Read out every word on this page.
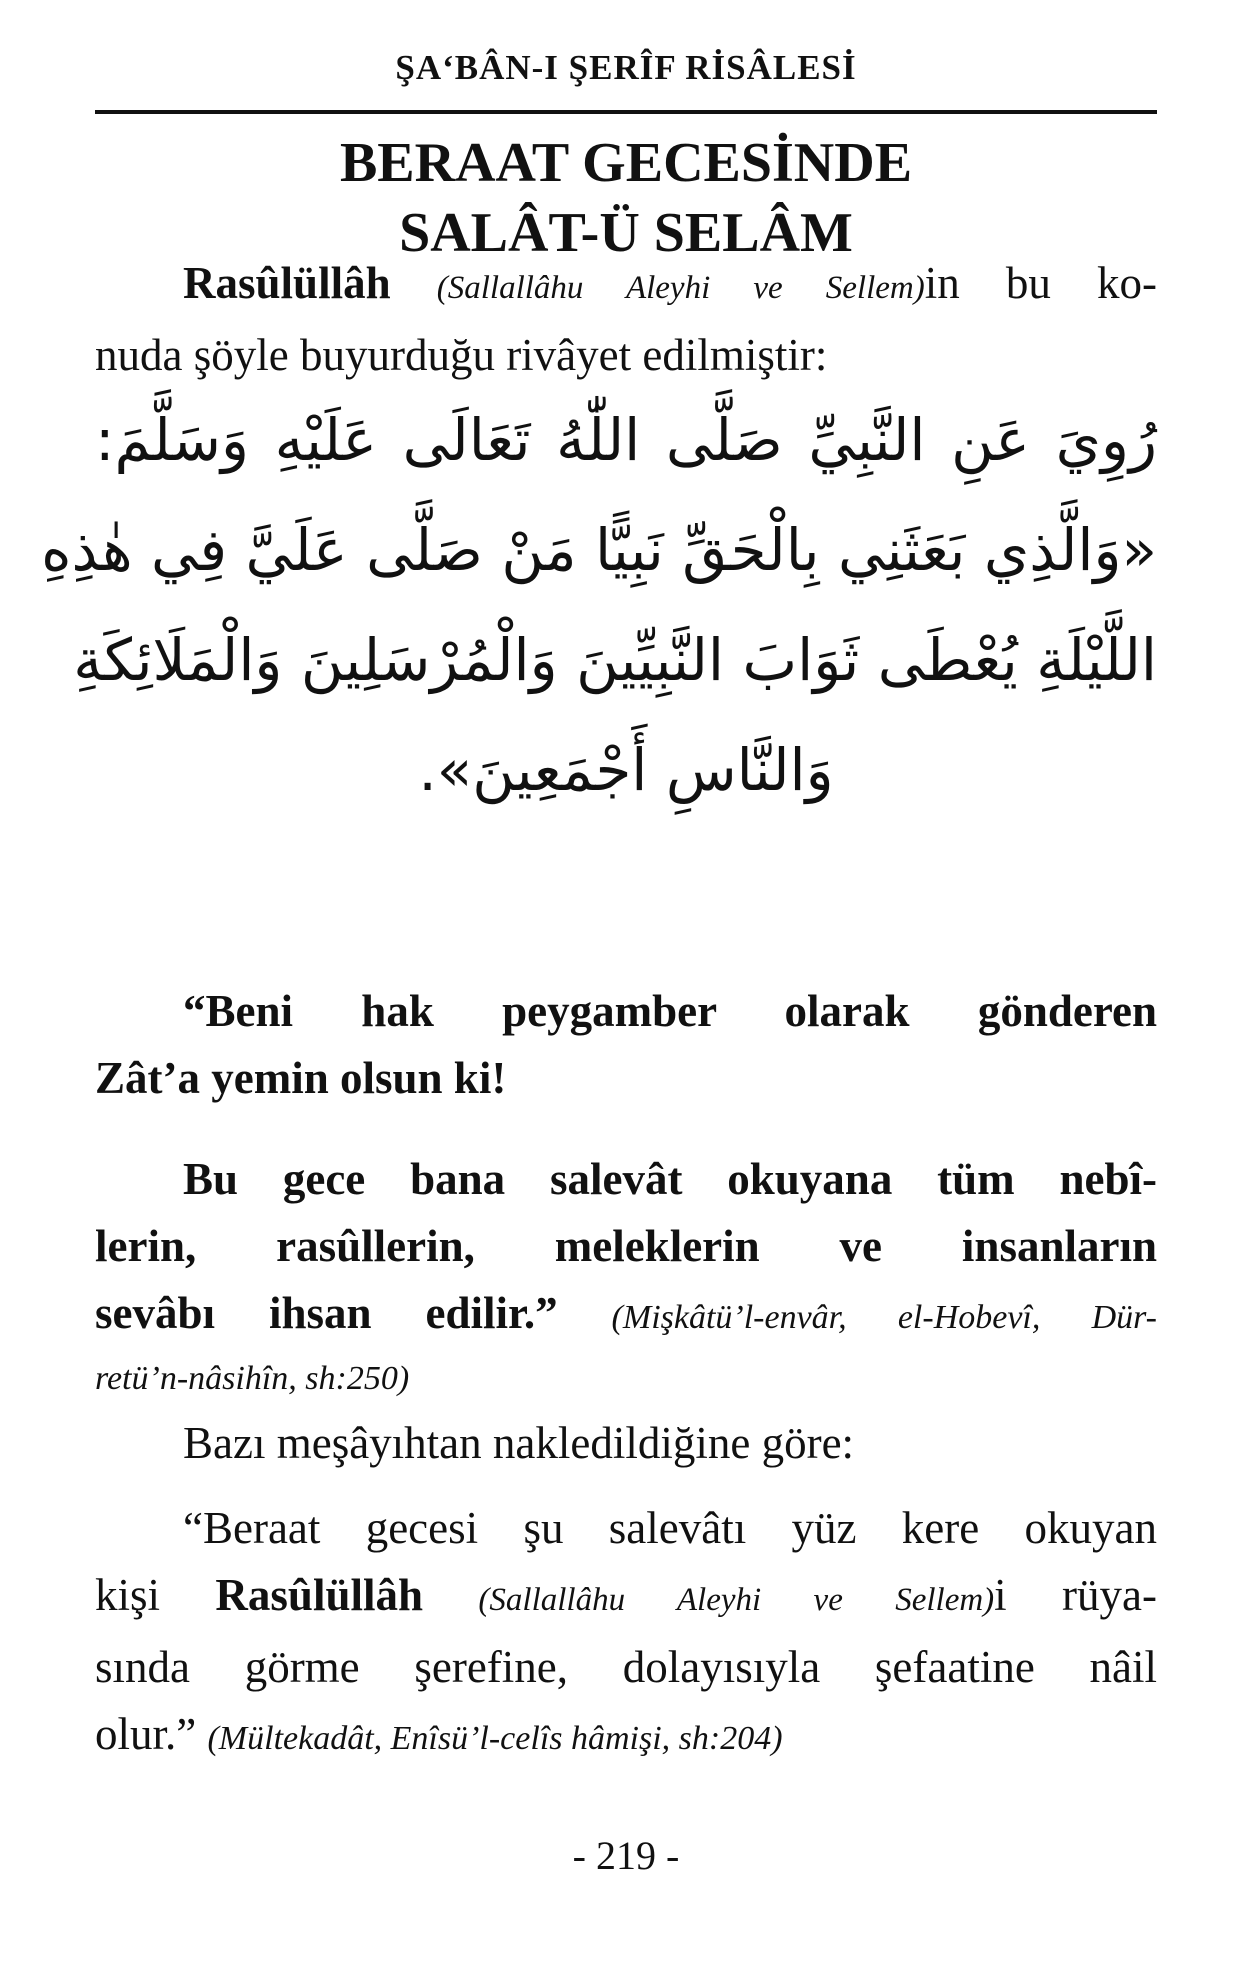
ŞA‘BÂN-I ŞERÎF RİSÂLESİ
BERAAT GECESİNDE
SALÂT-Ü SELÂM
Rasûlüllâh (Sallallâhu Aleyhi ve Sellem)in bu ko-
nuda şöyle buyurduğu rivâyet edilmiştir:
رُوِيَ عَنِ النَّبِيِّ صَلَّى اللّٰهُ تَعَالَى عَلَيْهِ وَسَلَّمَ:
«وَالَّذِي بَعَثَنِي بِالْحَقِّ نَبِيًّا مَنْ صَلَّى عَلَيَّ فِي هٰذِهِ
اللَّيْلَةِ يُعْطَى ثَوَابَ النَّبِيِّينَ وَالْمُرْسَلِينَ وَالْمَلَائِكَةِ
وَالنَّاسِ أَجْمَعِينَ».
“Beni hak peygamber olarak gönderen
Zât’a yemin olsun ki!
Bu gece bana salevât okuyana tüm nebî-
lerin, rasûllerin, meleklerin ve insanların
sevâbı ihsan edilir.” (Mişkâtü’l-envâr, el-Hobevî, Dür-
retü’n-nâsihîn, sh:250)
Bazı meşâyıhtan nakledildiğine göre:
“Beraat gecesi şu salevâtı yüz kere okuyan
kişi Rasûlüllâh (Sallallâhu Aleyhi ve Sellem)i rüya-
sında görme şerefine, dolayısıyla şefaatine nâil
olur.” (Mültekadât, Enîsü’l-celîs hâmişi, sh:204)
- 219 -
